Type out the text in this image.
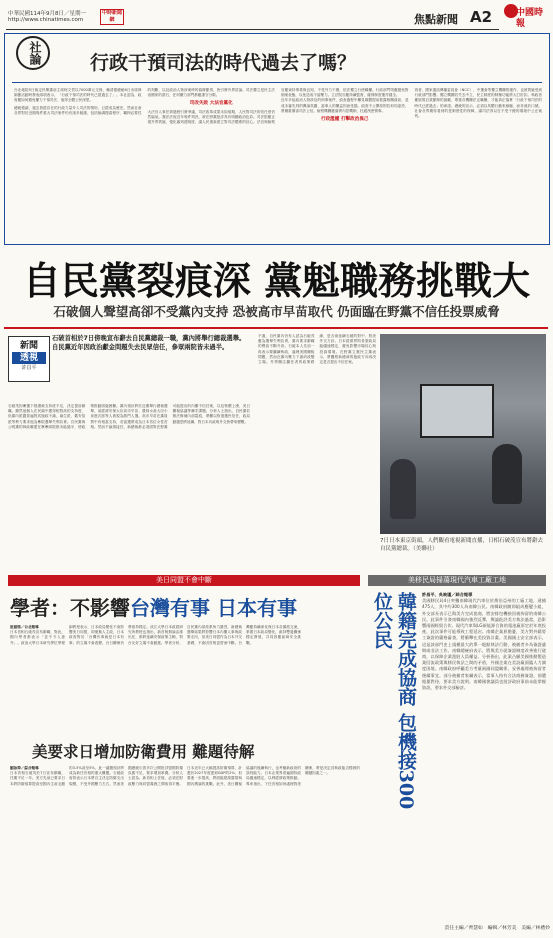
中時新聞網
中華民國114年9月8日／星期一
http://www.chinatimes.com	焦點新聞 A2	中國時報
社論	行政干預司法的時代過去了嗎？

台北地院5日裁定民眾黨前主席柯文哲以7000萬元交保，賴清德總統6日出席律師節活動時發表兩項表示，「行政干預司法的時代已經過去了」。本社認為，政府應如何避免權力干預司法，值得全體公民深思。

總統強調，過去曾經存在的行政力量介入司法的情形，已經成為歷史。然而社會各界對於近期幾件重大司法案件仍有諸多疑慮，包括檢調搜索程序、羈押必要性的判斷，以及政治人物涉案時的偵辦節奏，皆引發外界討論。司法獨立是民主法治國家的基石，任何權力部門都應謹守分際。

司改失敗 大法官黨化

大法官人事任命過程引發爭議，司法改革成果未如預期，人民對司法的信任度仍然偏低。憲法法庭近年幾件判決，被在野黨批評具有明顯政治色彩。司法院應正視外界質疑，強化審判透明度，讓人民重新建立對司法體系的信心。法官與檢察官應秉持專業與良知，不受外力干擾，依法獨立行使職權。行政部門則應避免對個案表態，以免造成不當壓力。立法院亦應持續監督，確保制度運作健全。

近年多起政治人物涉及的刑事案件，偵查過程中屢見媒體提前披露相關資訊，造成未審先判的輿論氛圍，當事人的權益因而受損。偵查不公開原則若形同虛設，將嚴重傷害司法公信。檢察機關應落實內控機制，杜絕洩密情事。

行政濫權 打擊政治異己

再者，國家通訊傳播委員會（NCC）、中選會等獨立機關的運作，也被質疑受到行政部門影響。獨立機關若失去中立，民主制度的制衡功能將大打折扣。執政者應展現自我節制的風範，尊重各機關法定職權，才能真正落實「行政干預司法的時代已經過去」的承諾。總統的宣示，必須以具體行動來檢驗，而非流於口號。社會各界期待看到的是制度性的保障，讓司法得以在不受干擾的環境中公正裁判。

自民黨裂痕深 黨魁職務挑戰大
石破個人聲望高卻不受黨內支持 恐被高市早苗取代 仍面臨在野黨不信任投票威脅
新聞
透視
許昌平
石破首相於7日傍晚宣布辭去自民黨總裁一職，黨內將舉行總裁選舉。自民黨近年因政治獻金問題失去民眾信任，參眾兩院皆未過半。
石破茂因參選下屆總裁支持度不足，決定提前辭職。雖然他個人在民調中獲得相對高的支持度，但黨內派閥普遍對其施政不滿，麻生派、舊安倍派等勢力要求他為參院選舉失利負責。自民黨與公明黨的執政聯盟在眾參兩院都未能過半，使政策推動面臨困難。黨內預計將於近期舉行總裁選舉，前經濟安保大臣高市早苗、農林水產大臣小泉進次郎等人被視為熱門人選。高市早苗在黨員票中有相當支持，若當選將成為日本首位女性首相。然而不論誰接任，新總裁都必須面對在野黨可能提出的內閣不信任案，以及物價上漲、美日關稅協議等棘手課題。分析人士指出，自民黨若無法修補內部裂痕，將難以恢復選民信任，政局動盪恐將延續，對日本內政與外交皆帶來變數。
不過，自民黨內仍有人認為石破茂應為選舉失利負責，黨內要求辭職的聲浪不斷升高。石破本人先前一再表示要繼續執政，處理美國關稅問題，然而在黨內壓力下最終改變立場。外界關注繼任者的政策路線，是否會延續石破的對中、對美外交方針。日本經濟界則希望政局能儘速穩定，避免影響市場信心與投資環境。在野黨立憲民主黨表示，將觀察新總裁的施政方向再決定是否提出不信任案。
7日日本東京街頭，人們觀看電視新聞直播，日相石破茂宣布將辭去自民黨總裁。（美聯社）
美日同盟不會中斷
學者：不影響台灣有事 日本有事
崔慈悌／台北報導
日本首相石破茂宣布辭職，對此，國內學者都表示「並不令人意外」。政治大學日本研究學位學程副教授表示，日本政局變化不會影響美日同盟，即便換人主政，日本政府對於「台灣有事就是日本有事」的立場不會改變，台日關係仍將維持穩定。淡江大學日本政經研究所教授也指出，新首相無論由誰出任，都將延續安保政策主軸，對台友好立場不會動搖。學者分析，自民黨內部派系角力激烈，新總裁選舉結果將影響日本內閣人事與政策走向，但美日同盟作為日本外交基礎，不會因首相更替而中斷。台灣應持續深化與日本各黨派交流，掌握日本政局變化，維持雙邊關係穩定發展，共同因應區域安全挑戰。
美要求日增加防衛費用 難題待解
劉詠舜／綜合報導
日本首相石破茂於7日宣布辭職，任期不足一年。美方先前已要求日本將防衛預算提高至國內生產毛額的3.5%甚至5%，此一議題預計將成為新任首相的重大難題。石破政府曾表示日本將自主決定防衛支出規模，不受外國壓力左右。然而美國總統川普多次公開批評盟國防衛負擔不足，要求增加軍費。分析人士認為，新首相上任後，必須在財政壓力與同盟義務之間取得平衡。日本近年已大幅提高防衛預算，計畫於2027年度達到GDP的2%，但要進一步提高，將面臨財源籌措與國內輿論的挑戰。此外，美日關稅協議的後續執行，也考驗新政府的談判能力。日本企業界普遍期待政局儘速穩定，以利經濟政策推動。專家指出，下任首相如何處理對美關係，將是決定其執政能否穩固的關鍵因素之一。
美移民局掃蕩現代汽車工廠工地
韓籍完成協商 包機接300位公民	許昌平、吳映瑾／綜合報導
美國移民局4日突襲南韓現代汽車位於喬治亞州的工廠工地，逮捕475人，其中約300人為南韓公民。南韓政府隨即組成應變小組，外交部長表示已與美方完成協商，將安排包機接回被拘留的南韓公民。此事件引發南韓國內強烈反彈，輿論批評美方執法過當，恐影響兩國經貿合作。現代汽車與LG新能源合資的電池廠原定於年底投產，此次事件可能導致工程延宕。南韓企業界擔憂，美方對外籍勞工簽證的嚴格審查，將衝擊在美投資計畫。美國國土安全部表示，這是該部門史上規模最大的單一地點執法行動，被捕者多為簽證逾期或非法工作。南韓總統府表示，將與美方就簽證制度改善進行磋商，以保障企業派駐人員權益。分析指出，此案凸顯美國推動製造業回流政策與移民執法之間的矛盾，外國企業在美設廠面臨人力調度困境。南韓政府呼籲美方考量兩國同盟關係，妥善處理被拘留者後續事宜。部分被捕者家屬表示，當事人持有合法商務簽證，卻遭粗暴對待，要求美方說明。南韓國會議員也批評政府事前未能掌握資訊，要求外交部檢討。
責任主編／齊慧如　編輯／林芳美　美編／林禮妙
